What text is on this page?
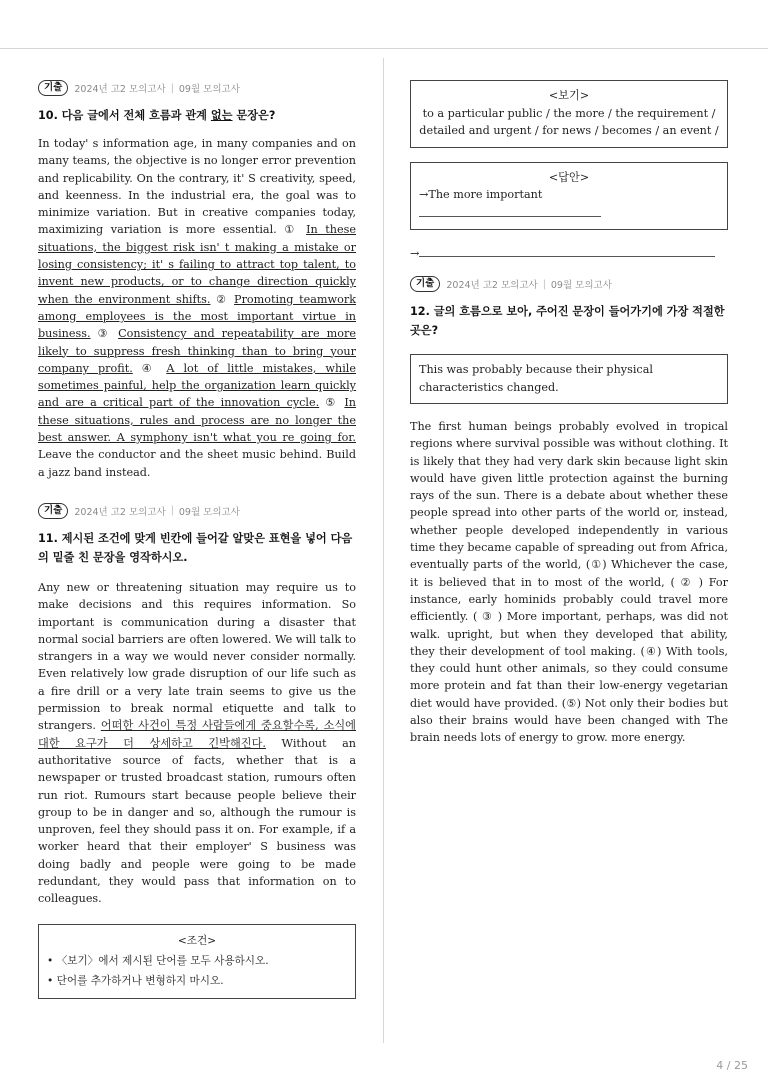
기출	2024년 고2 모의고사 | 09월 모의고사
10. 다음 글에서 전체 흐름과 관계 없는 문장은?
In today' s information age, in many companies and on many teams, the objective is no longer error prevention and replicability. On the contrary, it' S creativity, speed, and keenness. In the industrial era, the goal was to minimize variation. But in creative companies today, maximizing variation is more essential. ① In these situations, the biggest risk isn' t making a mistake or losing consistency; it' s failing to attract top talent, to invent new products, or to change direction quickly when the environment shifts. ② Promoting teamwork among employees is the most important virtue in business. ③ Consistency and repeatability are more likely to suppress fresh thinking than to bring your company profit. ④ A lot of little mistakes, while sometimes painful, help the organization learn quickly and are a critical part of the innovation cycle. ⑤ In these situations, rules and process are no longer the best answer. A symphony isn't what you re going for. Leave the conductor and the sheet music behind. Build a jazz band instead.
기출	2024년 고2 모의고사 | 09월 모의고사
11. 제시된 조건에 맞게 빈칸에 들어갈 알맞은 표현을 넣어 다음 의 밑줄 친 문장을 영작하시오.
Any new or threatening situation may require us to make decisions and this requires information. So important is communication during a disaster that normal social barriers are often lowered. We will talk to strangers in a way we would never consider normally. Even relatively low grade disruption of our life such as a fire drill or a very late train seems to give us the permission to break normal etiquette and talk to strangers. 어떠한 사건이 특정 사람들에게 중요할수록, 소식에 대한 요구가 더 상세하고 긴박해진다. Without an authoritative source of facts, whether that is a newspaper or trusted broadcast station, rumours often run riot. Rumours start because people believe their group to be in danger and so, although the rumour is unproven, feel they should pass it on. For example, if a worker heard that their employer' S business was doing badly and people were going to be made redundant, they would pass that information on to colleagues.
<조건>
• 〈보기〉에서 제시된 단어를 모두 사용하시오.
• 단어를 추가하거나 변형하지 마시오.
<보기>
to a particular public / the more / the requirement /
detailed and urgent / for news / becomes / an event /
<답안>
→The more important
→
기출	2024년 고2 모의고사 | 09월 모의고사
12. 글의 흐름으로 보아, 주어진 문장이 들어가기에 가장 적절한 곳은?
This was probably because their physical characteristics changed.
The first human beings probably evolved in tropical regions where survival possible was without clothing. It is likely that they had very dark skin because light skin would have given little protection against the burning rays of the sun. There is a debate about whether these people spread into other parts of the world or, instead, whether people developed independently in various time they became capable of spreading out from Africa, eventually parts of the world, (①) Whichever the case, it is believed that in to most of the world, ( ② ) For instance, early hominids probably could travel more efficiently. ( ③ ) More important, perhaps, was did not walk. upright, but when they developed that ability, they their development of tool making. (④) With tools, they could hunt other animals, so they could consume more protein and fat than their low-energy vegetarian diet would have provided. (⑤) Not only their bodies but also their brains would have been changed with The brain needs lots of energy to grow. more energy.
4 / 25
